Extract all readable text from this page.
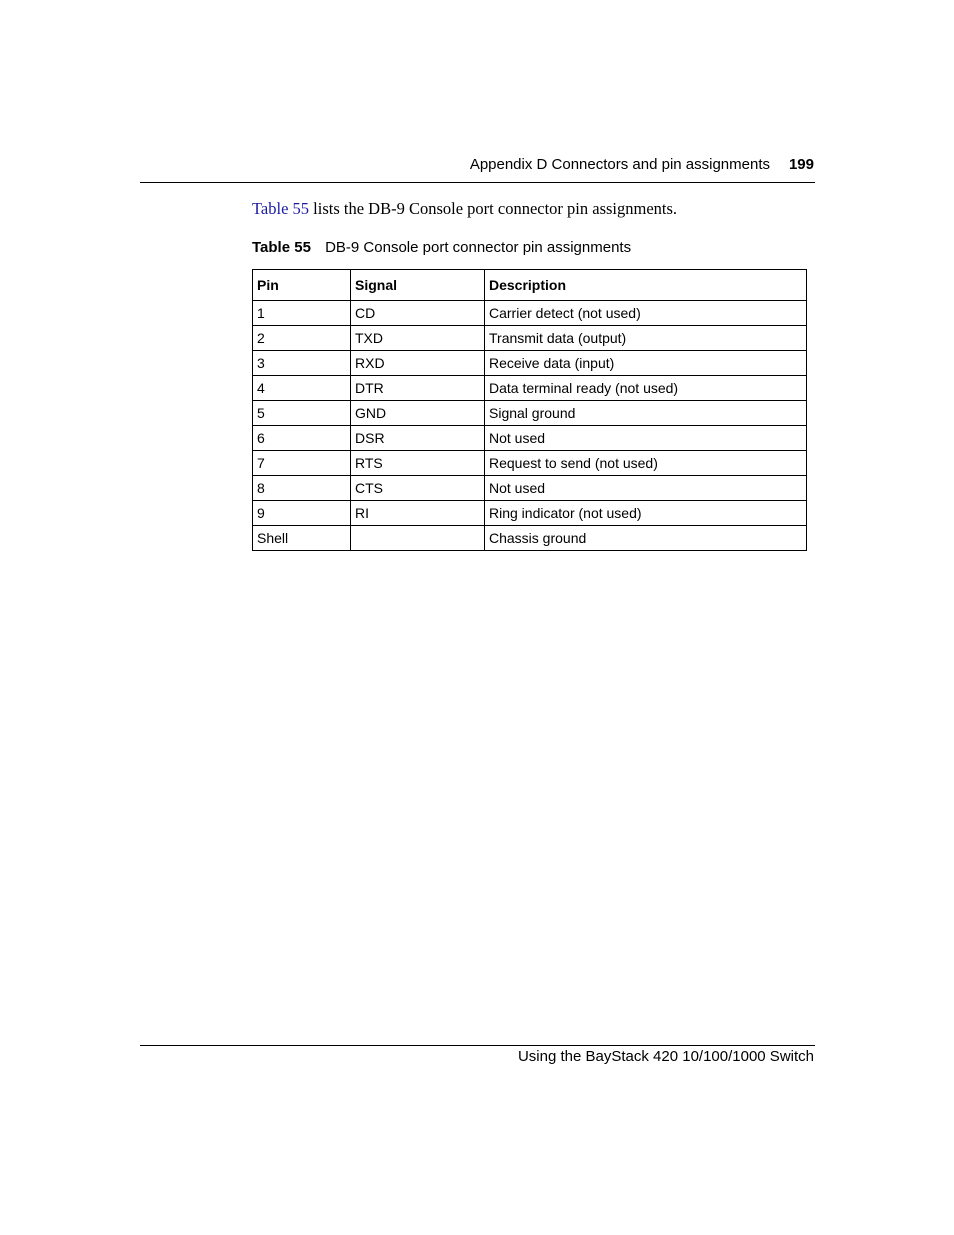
Appendix D Connectors and pin assignments 199
Table 55 lists the DB-9 Console port connector pin assignments.
Table 55 DB-9 Console port connector pin assignments
Pin	Signal	Description
1	CD	Carrier detect (not used)
2	TXD	Transmit data (output)
3	RXD	Receive data (input)
4	DTR	Data terminal ready (not used)
5	GND	Signal ground
6	DSR	Not used
7	RTS	Request to send (not used)
8	CTS	Not used
9	RI	Ring indicator (not used)
Shell		Chassis ground
Using the BayStack 420 10/100/1000 Switch
